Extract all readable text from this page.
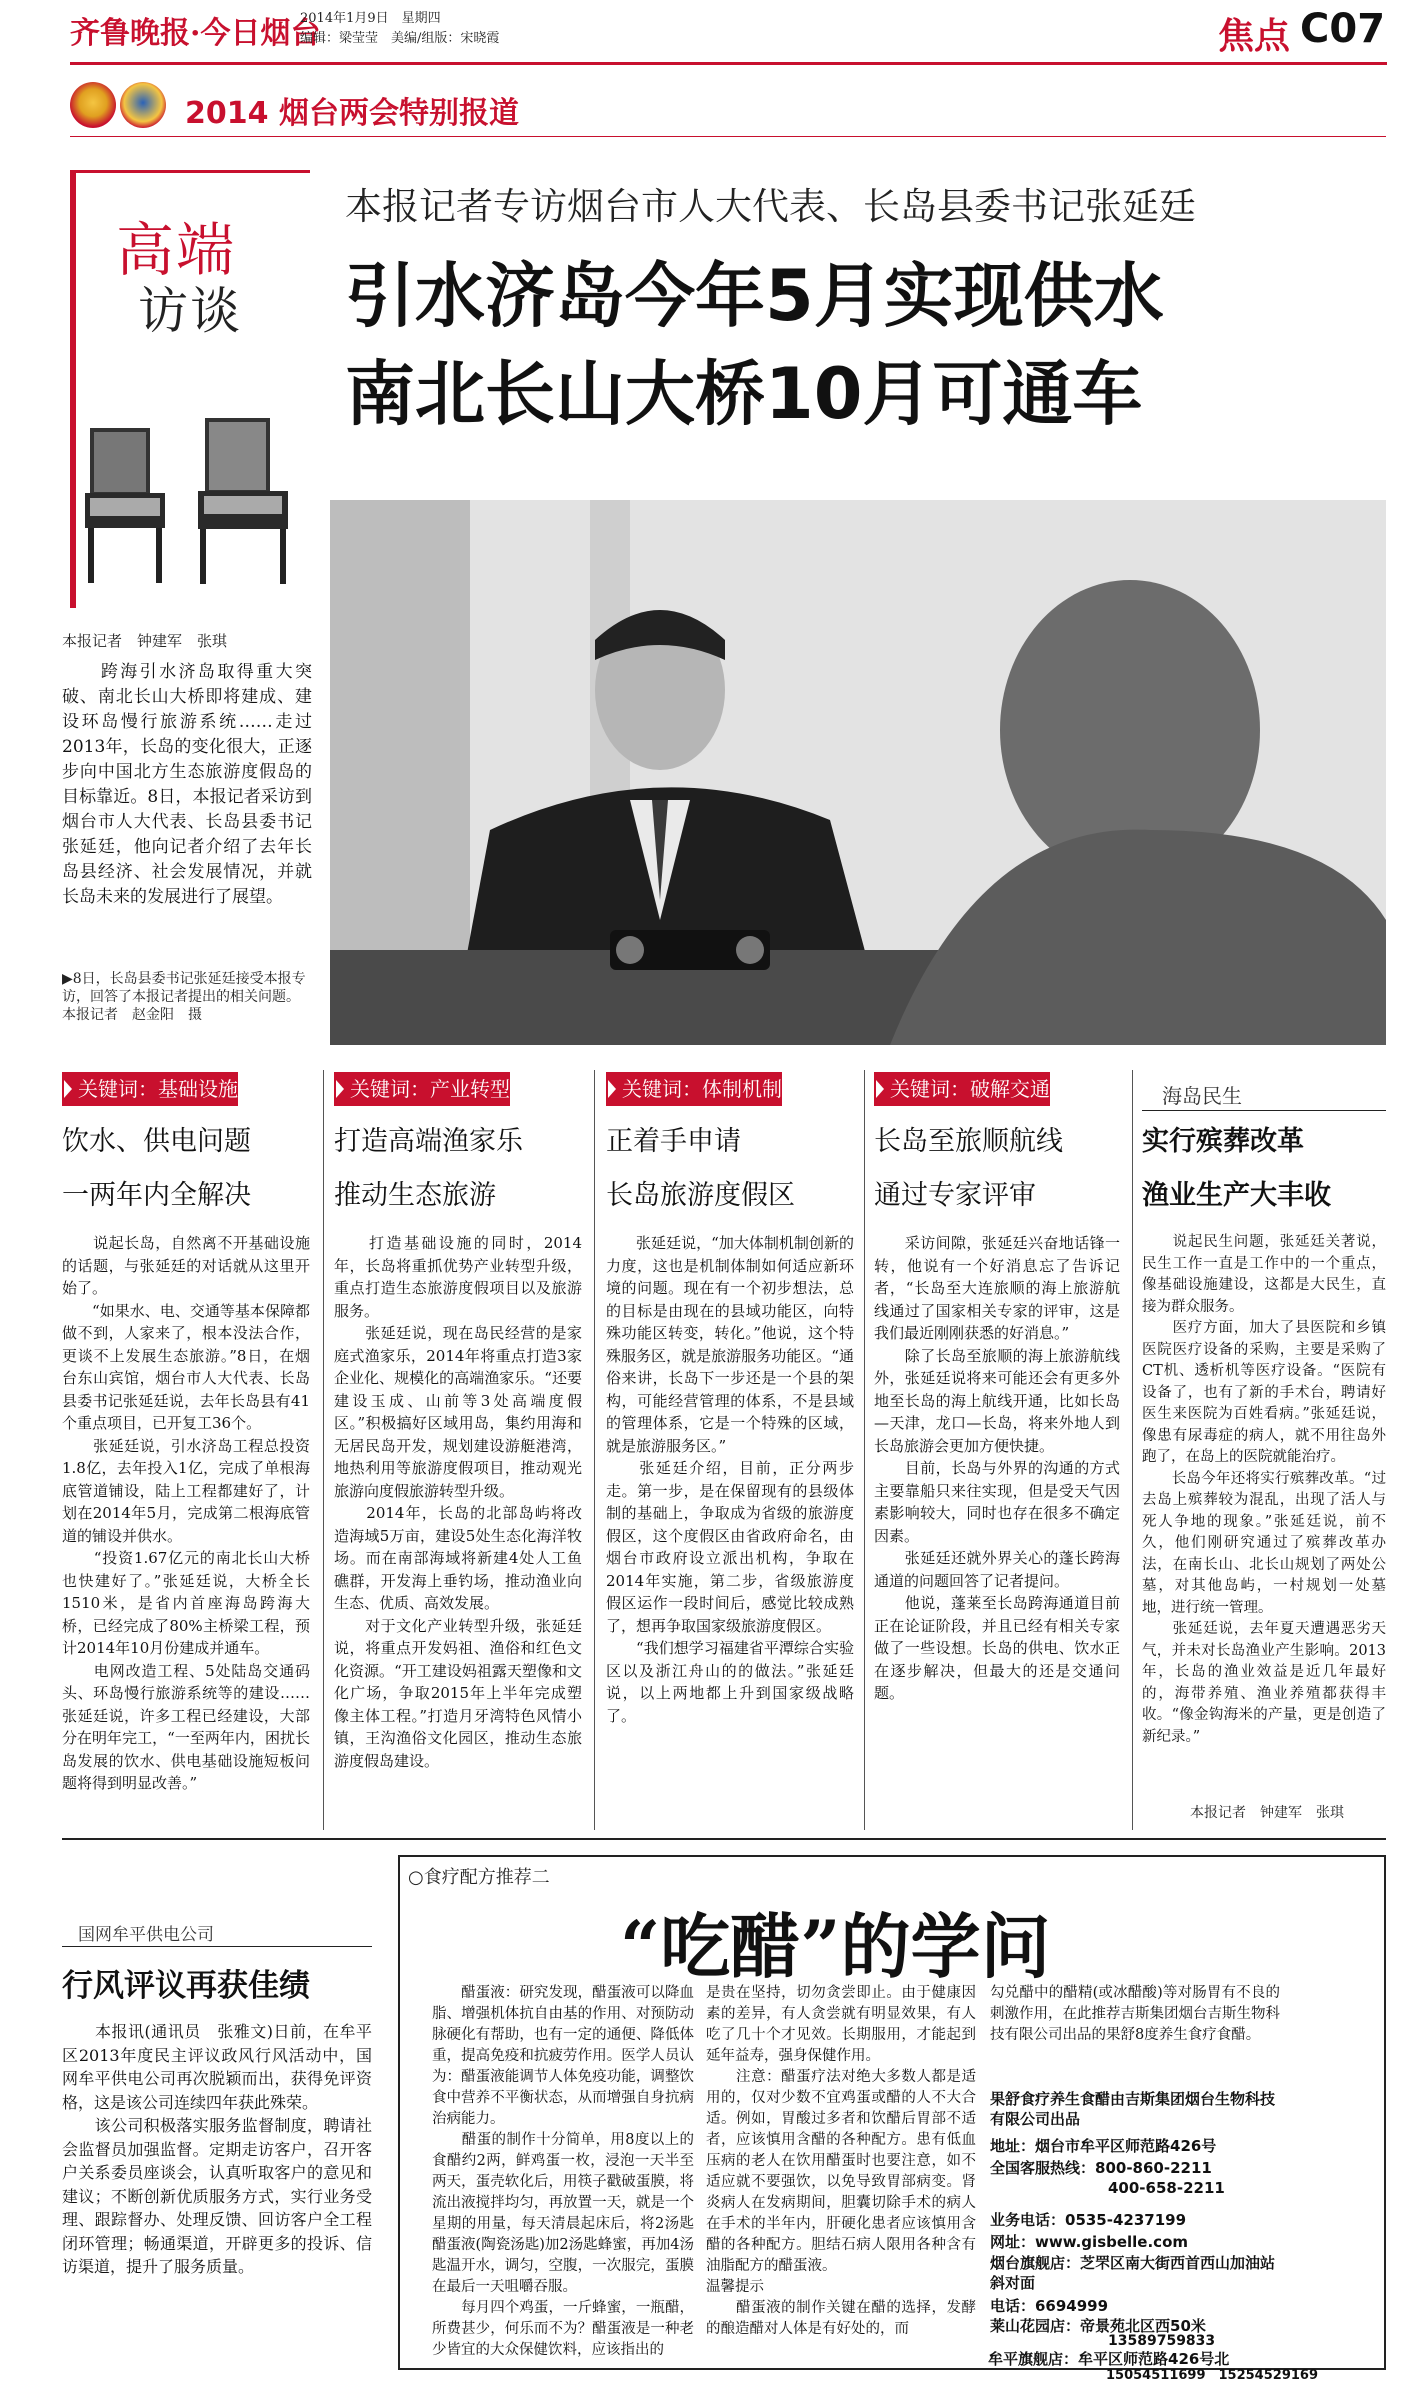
齐鲁晚报·今日烟台
2014年1月9日　星期四
编辑：梁莹莹　美编/组版：宋晓霞	焦点 C07
2014 烟台两会特别报道
高端
访谈
本报记者专访烟台市人大代表、长岛县委书记张延廷
引水济岛今年5月实现供水
南北长山大桥10月可通车
本报记者　钟建军　张琪
　　跨海引水济岛取得重大突破、南北长山大桥即将建成、建设环岛慢行旅游系统……走过2013年，长岛的变化很大，正逐步向中国北方生态旅游度假岛的目标靠近。8日，本报记者采访到烟台市人大代表、长岛县委书记张延廷，他向记者介绍了去年长岛县经济、社会发展情况，并就长岛未来的发展进行了展望。
▶8日，长岛县委书记张延廷接受本报专访，回答了本报记者提出的相关问题。　本报记者　赵金阳　摄
关键词：基础设施
饮水、供电问题
一两年内全解决
　　说起长岛，自然离不开基础设施的话题，与张延廷的对话就从这里开始了。
　　“如果水、电、交通等基本保障都做不到，人家来了，根本没法合作，更谈不上发展生态旅游。”8日，在烟台东山宾馆，烟台市人大代表、长岛县委书记张延廷说，去年长岛县有41个重点项目，已开复工36个。
　　张延廷说，引水济岛工程总投资1.8亿，去年投入1亿，完成了单根海底管道铺设，陆上工程都建好了，计划在2014年5月，完成第二根海底管道的铺设并供水。
　　“投资1.67亿元的南北长山大桥也快建好了。”张延廷说，大桥全长1510米，是省内首座海岛跨海大桥，已经完成了80%主桥梁工程，预计2014年10月份建成并通车。
　　电网改造工程、5处陆岛交通码头、环岛慢行旅游系统等的建设……张延廷说，许多工程已经建设，大部分在明年完工，“一至两年内，困扰长岛发展的饮水、供电基础设施短板问题将得到明显改善。”
关键词：产业转型
打造高端渔家乐
推动生态旅游
　　打造基础设施的同时，2014年，长岛将重抓优势产业转型升级，重点打造生态旅游度假项目以及旅游服务。
　　张延廷说，现在岛民经营的是家庭式渔家乐，2014年将重点打造3家企业化、规模化的高端渔家乐。“还要建设玉成、山前等3处高端度假区。”积极搞好区域用岛，集约用海和无居民岛开发，规划建设游艇港湾，地热利用等旅游度假项目，推动观光旅游向度假旅游转型升级。
　　2014年，长岛的北部岛屿将改造海域5万亩，建设5处生态化海洋牧场。而在南部海域将新建4处人工鱼礁群，开发海上垂钓场，推动渔业向生态、优质、高效发展。
　　对于文化产业转型升级，张延廷说，将重点开发妈祖、渔俗和红色文化资源。“开工建设妈祖露天塑像和文化广场，争取2015年上半年完成塑像主体工程。”打造月牙湾特色风情小镇，王沟渔俗文化园区，推动生态旅游度假岛建设。
关键词：体制机制
正着手申请
长岛旅游度假区
　　张延廷说，“加大体制机制创新的力度，这也是机制体制如何适应新环境的问题。现在有一个初步想法，总的目标是由现在的县域功能区，向特殊功能区转变，转化。”他说，这个特殊服务区，就是旅游服务功能区。“通俗来讲，长岛下一步还是一个县的架构，可能经营管理的体系，不是县域的管理体系，它是一个特殊的区域，就是旅游服务区。”
　　张延廷介绍，目前，正分两步走。第一步，是在保留现有的县级体制的基础上，争取成为省级的旅游度假区，这个度假区由省政府命名，由烟台市政府设立派出机构，争取在2014年实施，第二步，省级旅游度假区运作一段时间后，感觉比较成熟了，想再争取国家级旅游度假区。
　　“我们想学习福建省平潭综合实验区以及浙江舟山的的做法。”张延廷说，以上两地都上升到国家级战略了。
关键词：破解交通
长岛至旅顺航线
通过专家评审
　　采访间隙，张延廷兴奋地话锋一转，他说有一个好消息忘了告诉记者，“长岛至大连旅顺的海上旅游航线通过了国家相关专家的评审，这是我们最近刚刚获悉的好消息。”
　　除了长岛至旅顺的海上旅游航线外，张延廷说将来可能还会有更多外地至长岛的海上航线开通，比如长岛—天津，龙口—长岛，将来外地人到长岛旅游会更加方便快捷。
　　目前，长岛与外界的沟通的方式主要靠船只来往实现，但是受天气因素影响较大，同时也存在很多不确定因素。
　　张延廷还就外界关心的蓬长跨海通道的问题回答了记者提问。
　　他说，蓬莱至长岛跨海通道目前正在论证阶段，并且已经有相关专家做了一些设想。长岛的供电、饮水正在逐步解决，但最大的还是交通问题。
海岛民生
实行殡葬改革
渔业生产大丰收
　　说起民生问题，张延廷关著说，民生工作一直是工作中的一个重点，像基础设施建设，这都是大民生，直接为群众服务。
　　医疗方面，加大了县医院和乡镇医院医疗设备的采购，主要是采购了CT机、透析机等医疗设备。“医院有设备了，也有了新的手术台，聘请好医生来医院为百姓看病。”张延廷说，像患有尿毒症的病人，就不用往岛外跑了，在岛上的医院就能治疗。
　　长岛今年还将实行殡葬改革。“过去岛上殡葬较为混乱，出现了活人与死人争地的现象。”张延廷说，前不久，他们刚研究通过了殡葬改革办法，在南长山、北长山规划了两处公墓，对其他岛屿，一村规划一处墓地，进行统一管理。
　　张延廷说，去年夏天遭遇恶劣天气，并未对长岛渔业产生影响。2013年，长岛的渔业效益是近几年最好的，海带养殖、渔业养殖都获得丰收。“像金钩海米的产量，更是创造了新纪录。”
本报记者　钟建军　张琪
国网牟平供电公司
行风评议再获佳绩
　　本报讯(通讯员　张雅文)日前，在牟平区2013年度民主评议政风行风活动中，国网牟平供电公司再次脱颖而出，获得免评资格，这是该公司连续四年获此殊荣。
　　该公司积极落实服务监督制度，聘请社会监督员加强监督。定期走访客户，召开客户关系委员座谈会，认真听取客户的意见和建议；不断创新优质服务方式，实行业务受理、跟踪督办、处理反馈、回访客户全工程闭环管理；畅通渠道，开辟更多的投诉、信访渠道，提升了服务质量。
○食疗配方推荐二
“吃醋”的学问
　　醋蛋液：研究发现，醋蛋液可以降血脂、增强机体抗自由基的作用、对预防动脉硬化有帮助，也有一定的通便、降低体重，提高免疫和抗疲劳作用。医学人员认为：醋蛋液能调节人体免疫功能，调整饮食中营养不平衡状态，从而增强自身抗病治病能力。
　　醋蛋的制作十分简单，用8度以上的食醋约2两，鲜鸡蛋一枚，浸泡一天半至两天，蛋壳软化后，用筷子戳破蛋膜，将流出液搅拌均匀，再放置一天，就是一个星期的用量，每天清晨起床后，将2汤匙醋蛋液(陶瓷汤匙)加2汤匙蜂蜜，再加4汤匙温开水，调匀，空腹，一次服完，蛋膜在最后一天咀嚼吞服。
　　每月四个鸡蛋，一斤蜂蜜，一瓶醋，所费甚少，何乐而不为？醋蛋液是一种老少皆宜的大众保健饮料，应该指出的
是贵在坚持，切勿贪尝即止。由于健康因素的差异，有人贪尝就有明显效果，有人吃了几十个才见效。长期服用，才能起到延年益寿，强身保健作用。
　　注意：醋蛋疗法对绝大多数人都是适用的，仅对少数不宜鸡蛋或醋的人不大合适。例如，胃酸过多者和饮醋后胃部不适者，应该慎用含醋的各种配方。患有低血压病的老人在饮用醋蛋时也要注意，如不适应就不要强饮，以免导致胃部病变。肾炎病人在发病期间，胆囊切除手术的病人在手术的半年内，肝硬化患者应该慎用含醋的各种配方。胆结石病人限用各种含有油脂配方的醋蛋液。
温馨提示
　　醋蛋液的制作关键在醋的选择，发酵的酿造醋对人体是有好处的，而
勾兑醋中的醋精(或冰醋酸)等对肠胃有不良的刺激作用，在此推荐吉斯集团烟台吉斯生物科技有限公司出品的果舒8度养生食疗食醋。
果舒食疗养生食醋由吉斯集团烟台生物科技有限公司出品
地址：烟台市牟平区师范路426号
全国客服热线：800-860-2211
400-658-2211
业务电话：0535-4237199
网址：www.gisbelle.com
烟台旗舰店：芝罘区南大街西首西山加油站斜对面
电话：6694999
莱山花园店：帝景苑北区西50米
13589759833
牟平旗舰店：牟平区师范路426号北
15054511699　15254529169
